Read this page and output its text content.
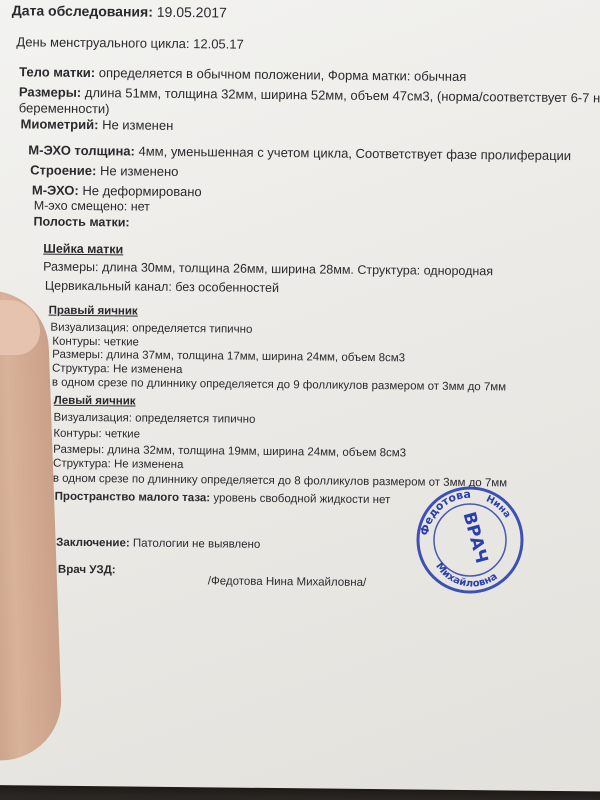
Дата обследования: 19.05.2017
День менструального цикла: 12.05.17
Тело матки: определяется в обычном положении, Форма матки: обычная
Размеры: длина 51мм, толщина 32мм, ширина 52мм, объем 47см3, (норма/соответствует 6-7 н
беременности)
Миометрий: Не изменен
М-ЭХО толщина: 4мм, уменьшенная с учетом цикла, Соответствует фазе пролиферации
Строение: Не изменено
М-ЭХО: Не деформировано
М-эхо смещено: нет
Полость матки:
Шейка матки
Размеры: длина 30мм, толщина 26мм, ширина 28мм. Структура: однородная
Цервикальный канал: без особенностей
Правый яичник
Визуализация: определяется типично
Контуры: четкие
Размеры: длина 37мм, толщина 17мм, ширина 24мм, объем 8см3
Структура: Не изменена
в одном срезе по длиннику определяется до 9 фолликулов размером от 3мм до 7мм
Левый яичник
Визуализация: определяется типично
Контуры: четкие
Размеры: длина 32мм, толщина 19мм, ширина 24мм, объем 8см3
Структура: Не изменена
в одном срезе по длиннику определяется до 8 фолликулов размером от 3мм до 7мм
Пространство малого таза: уровень свободной жидкости нет
Заключение: Патологии не выявлено
Врач УЗД:
/Федотова Нина Михайловна/
Федотова Нина
Михайловна
ВРАЧ
